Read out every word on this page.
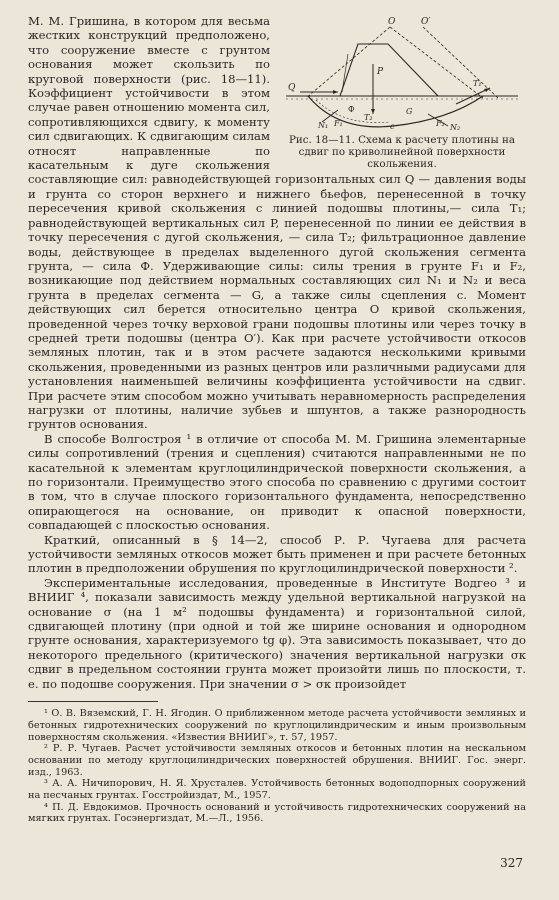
O	O′
Q
P
T₁
T₂
N₁	N₂
F₁	F₂
G
Ф
c
Рис. 18—11. Схема к расчету плотины на сдвиг по криволинейной поверхности скольжения.

М. М. Гришина, в котором для весьма жестких конструкций предположено, что сооружение вместе с грунтом основания может скользить по круговой поверхности (рис. 18—11). Коэффициент устойчивости в этом случае равен отношению момента сил, сопротивляющихся сдвигу, к моменту сил сдвигающих. К сдвигающим силам относят направленные по касательным к дуге скольжения составляющие сил: равнодействующей горизонтальных сил Q — давления воды и грунта со сторон верхнего и нижнего бьефов, перенесенной в точку пересечения кривой скольжения с линией подошвы плотины,— сила T₁; равнодействующей вертикальных сил P, перенесенной по линии ее действия в точку пересечения с дугой скольжения, — сила T₂; фильтрационное давление воды, действующее в пределах выделенного дугой скольжения сегмента грунта, — сила Ф. Удерживающие силы: силы трения в грунте F₁ и F₂, возникающие под действием нормальных составляющих сил N₁ и N₂ и веса грунта в пределах сегмента — G, а также силы сцепления c. Момент действующих сил берется относительно центра O кривой скольжения, проведенной через точку верховой грани подошвы плотины или через точку в средней трети подошвы (центра O′). Как при расчете устойчивости откосов земляных плотин, так и в этом расчете задаются несколькими кривыми скольжения, проведенными из разных центров или различными радиусами для установления наименьшей величины коэффициента устойчивости на сдвиг. При расчете этим способом можно учитывать неравномерность распределения нагрузки от плотины, наличие зубьев и шпунтов, а также разнородность грунтов основания.

В способе Волгостроя ¹ в отличие от способа М. М. Гришина элементарные силы сопротивлений (трения и сцепления) считаются направленными не по касательной к элементам круглоцилиндрической поверхности скольжения, а по горизонтали. Преимущество этого способа по сравнению с другими состоит в том, что в случае плоского горизонтального фундамента, непосредственно опирающегося на основание, он приводит к опасной поверхности, совпадающей с плоскостью основания.

Краткий, описанный в § 14—2, способ Р. Р. Чугаева для расчета устойчивости земляных откосов может быть применен и при расчете бетонных плотин в предположении обрушения по круглоцилиндрической поверхности ².

Экспериментальные исследования, проведенные в Институте Водгео ³ и ВНИИГ ⁴, показали зависимость между удельной вертикальной нагрузкой на основание σ (на 1 м² подошвы фундамента) и горизонтальной силой, сдвигающей плотину (при одной и той же ширине основания и однородном грунте основания, характеризуемого tg φ). Эта зависимость показывает, что до некоторого предельного (критического) значения вертикальной нагрузки σк сдвиг в предельном состоянии грунта может произойти лишь по плоскости, т. е. по подошве сооружения. При значении σ > σк произойдет

¹ О. В. Вяземский, Г. Н. Ягодин. О приближенном методе расчета устойчивости земляных и бетонных гидротехнических сооружений по круглоцилиндрическим и иным произвольным поверхностям скольжения. «Известия ВНИИГ», т. 57, 1957.

² Р. Р. Чугаев. Расчет устойчивости земляных откосов и бетонных плотин на нескальном основании по методу круглоцилиндрических поверхностей обрушения. ВНИИГ. Гос. энерг. изд., 1963.

³ А. А. Ничипорович, Н. Я. Хрусталев. Устойчивость бетонных водоподпорных сооружений на песчаных грунтах. Госстройиздат, М., 1957.

⁴ П. Д. Евдокимов. Прочность оснований и устойчивость гидротехнических сооружений на мягких грунтах. Госэнергиздат, М.—Л., 1956.

327
